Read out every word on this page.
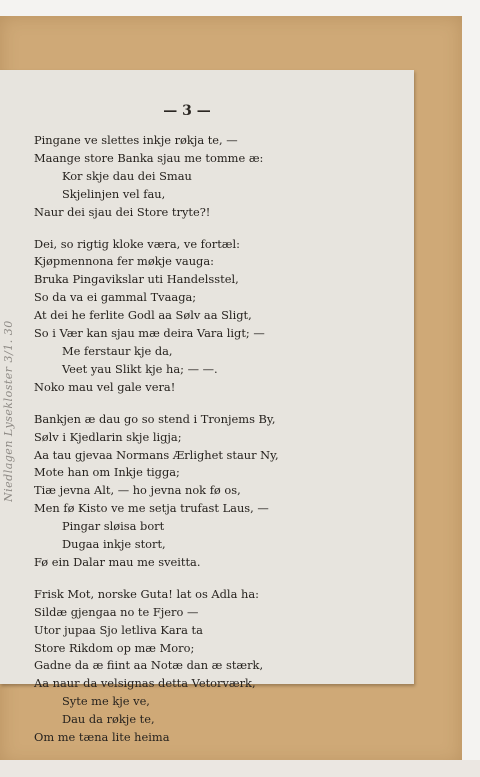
Niedlagen Lysekloster 3/1. 30
— 3 —
Pingane ve slettes inkje røkja te, —
Maange store Banka sjau me tomme æ:
Kor skje dau dei Smau
Skjelinjen vel fau,
Naur dei sjau dei Store tryte?!
Dei, so rigtig kloke væra, ve fortæl:
Kjøpmennona fer møkje vauga:
Bruka Pingavikslar uti Handelsstel,
So da va ei gammal Tvaaga;
At dei he ferlite Godl aa Sølv aa Sligt,
So i Vær kan sjau mæ deira Vara ligt; —
Me ferstaur kje da,
Veet yau Slikt kje ha; — —.
Noko mau vel gale vera!
Bankjen æ dau go so stend i Tronjems By,
Sølv i Kjedlarin skje ligja;
Aa tau gjevaa Normans Ærlighet staur Ny,
Mote han om Inkje tigga;
Tiæ jevna Alt, — ho jevna nok fø os,
Men fø Kisto ve me setja trufast Laus, —
Pingar sløisa bort
Dugaa inkje stort,
Fø ein Dalar mau me sveitta.
Frisk Mot, norske Guta! lat os Adla ha:
Sildæ gjengaa no te Fjero —
Utor jupaa Sjo letliva Kara ta
Store Rikdom op mæ Moro;
Gadne da æ fiint aa Notæ dan æ stærk,
Aa naur da velsignas detta Vetorværk,
Syte me kje ve,
Dau da røkje te,
Om me tæna lite heima
